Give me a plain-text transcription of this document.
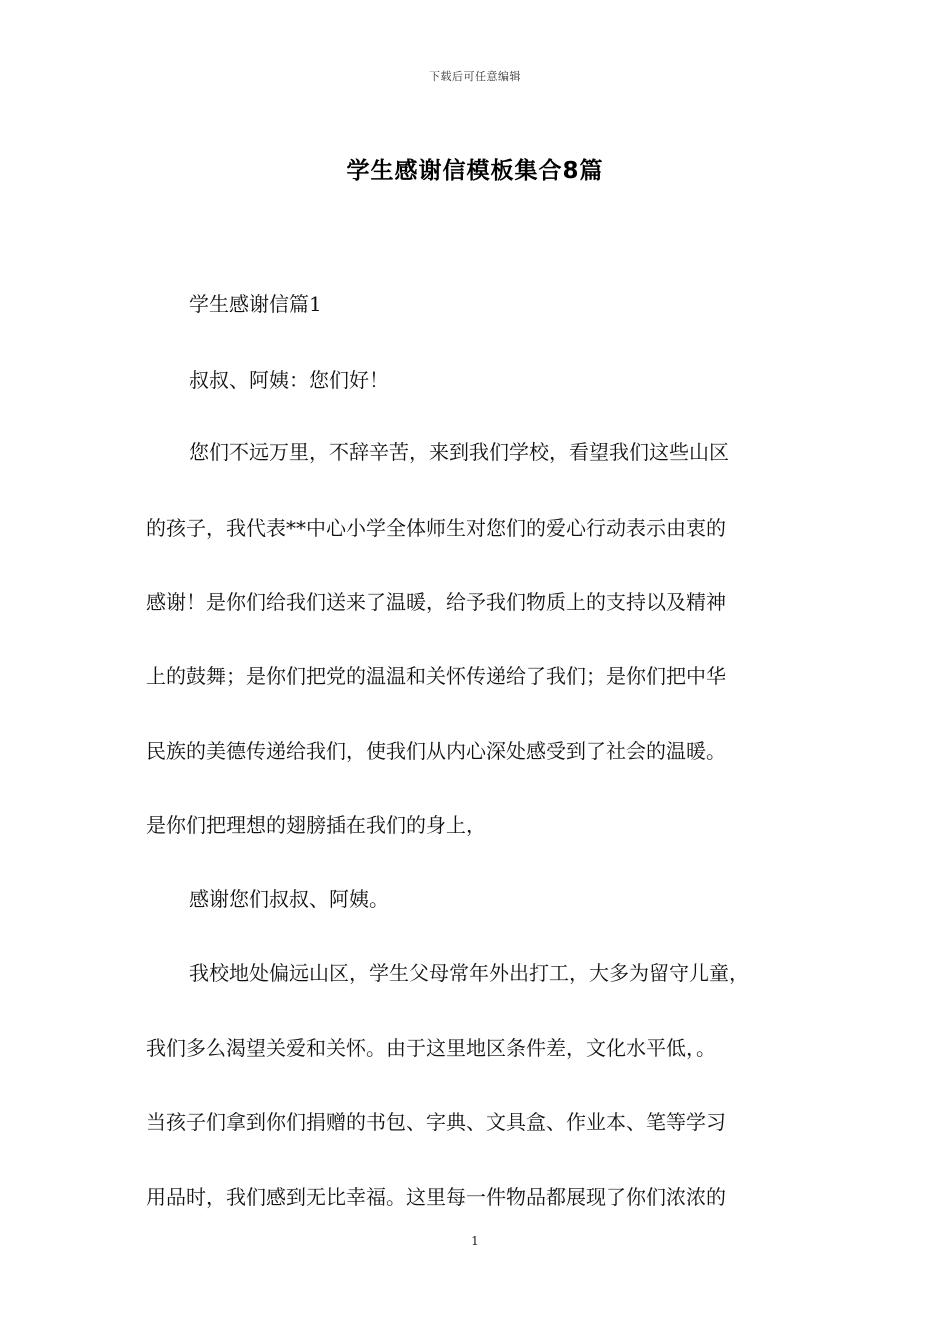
下载后可任意编辑
学生感谢信模板集合8篇
学生感谢信篇1
叔叔、阿姨：您们好！
您们不远万里，不辞辛苦，来到我们学校，看望我们这些山区
的孩子，我代表**中心小学全体师生对您们的爱心行动表示由衷的
感谢！是你们给我们送来了温暖，给予我们物质上的支持以及精神
上的鼓舞；是你们把党的温温和关怀传递给了我们；是你们把中华
民族的美德传递给我们，使我们从内心深处感受到了社会的温暖。
是你们把理想的翅膀插在我们的身上，
感谢您们叔叔、阿姨。
我校地处偏远山区，学生父母常年外出打工，大多为留守儿童，
我们多么渴望关爱和关怀。由于这里地区条件差，文化水平低，。
当孩子们拿到你们捐赠的书包、字典、文具盒、作业本、笔等学习
用品时，我们感到无比幸福。这里每一件物品都展现了你们浓浓的
1
